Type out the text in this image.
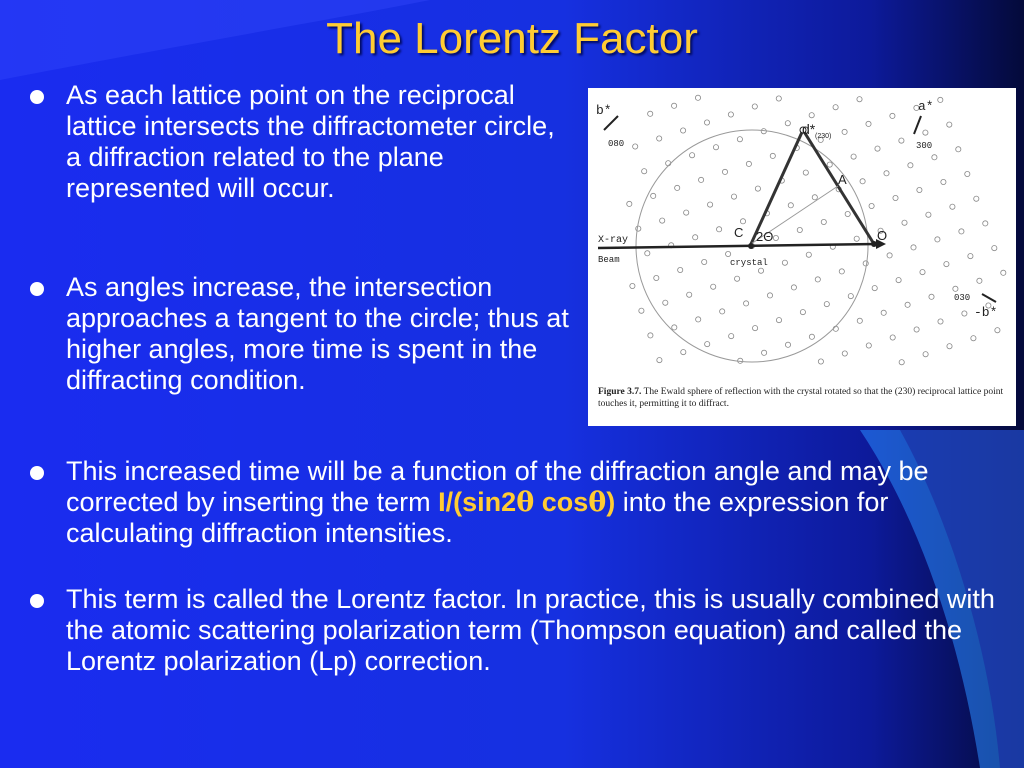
The Lorentz Factor
As each lattice point on the reciprocal lattice intersects the diffractometer circle, a diffraction related to the plane represented will occur.
As angles increase, the intersection approaches a tangent to the circle; thus at higher angles, more time is spent in the diffracting condition.
This increased time will be a function of the diffraction angle and may be corrected by inserting the term I/(sin2θ cosθ) into the expression for calculating diffraction intensities.
This term is called the Lorentz factor. In practice, this is usually combined with the atomic scattering polarization term (Thompson equation) and called the Lorentz polarization (Lp) correction.
b*
080
d* (230)
a*
300
A
X-ray
Beam
C 2Θ	O
crystal
030
-b*
Figure 3.7. The Ewald sphere of reflection with the crystal rotated so that the (230) reciprocal lattice point touches it, permitting it to diffract.
